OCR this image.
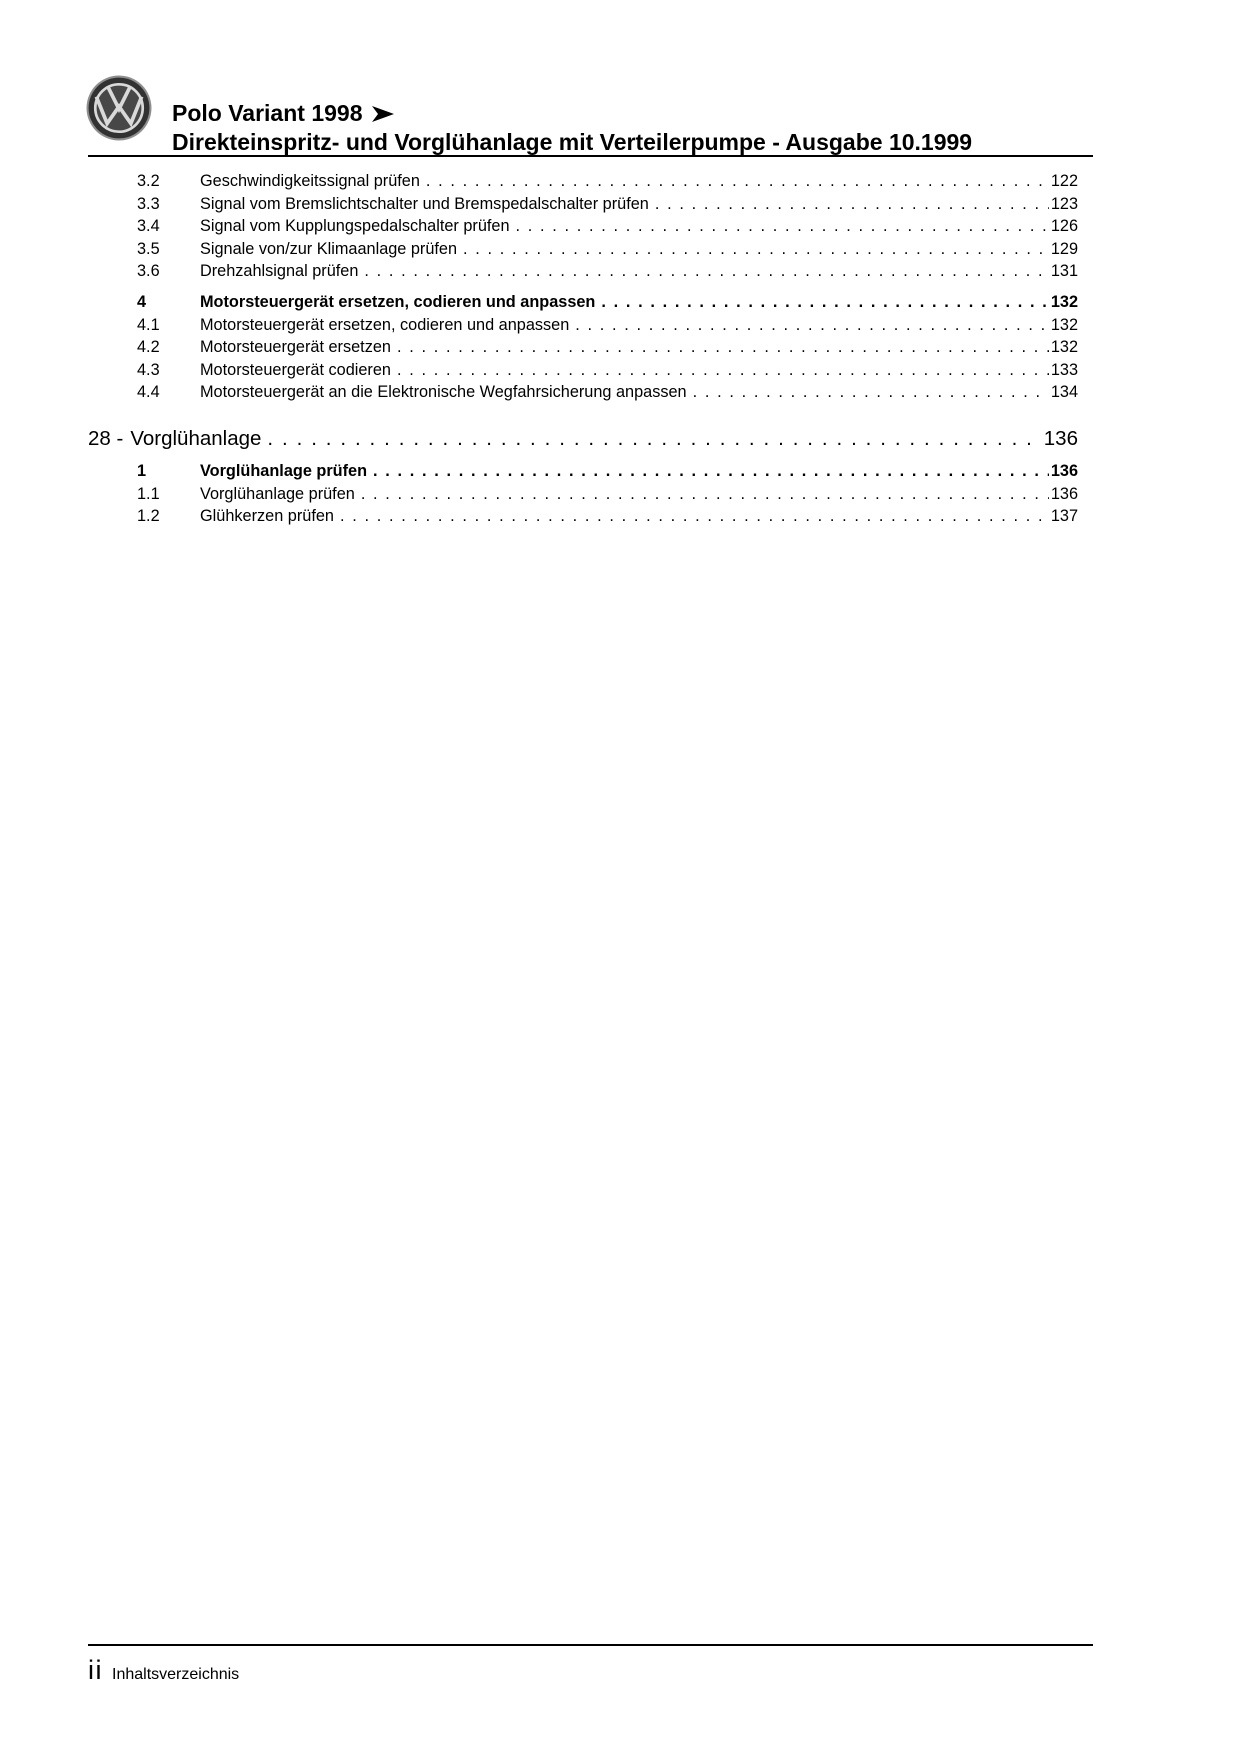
Polo Variant 1998
Direkteinspritz- und Vorglühanlage mit Verteilerpumpe - Ausgabe 10.1999
3.2	Geschwindigkeitssignal prüfen . . .	122
3.3	Signal vom Bremslichtschalter und Bremspedalschalter prüfen . . .	123
3.4	Signal vom Kupplungspedalschalter prüfen . . .	126
3.5	Signale von/zur Klimaanlage prüfen . . .	129
3.6	Drehzahlsignal prüfen . . .	131
4	Motorsteuergerät ersetzen, codieren und anpassen . . .	132
4.1	Motorsteuergerät ersetzen, codieren und anpassen . . .	132
4.2	Motorsteuergerät ersetzen . . .	132
4.3	Motorsteuergerät codieren . . .	133
4.4	Motorsteuergerät an die Elektronische Wegfahrsicherung anpassen . . .	134
28 - Vorglühanlage . . .	136
1	Vorglühanlage prüfen . . .	136
1.1	Vorglühanlage prüfen . . .	136
1.2	Glühkerzen prüfen . . .	137
ii Inhaltsverzeichnis
